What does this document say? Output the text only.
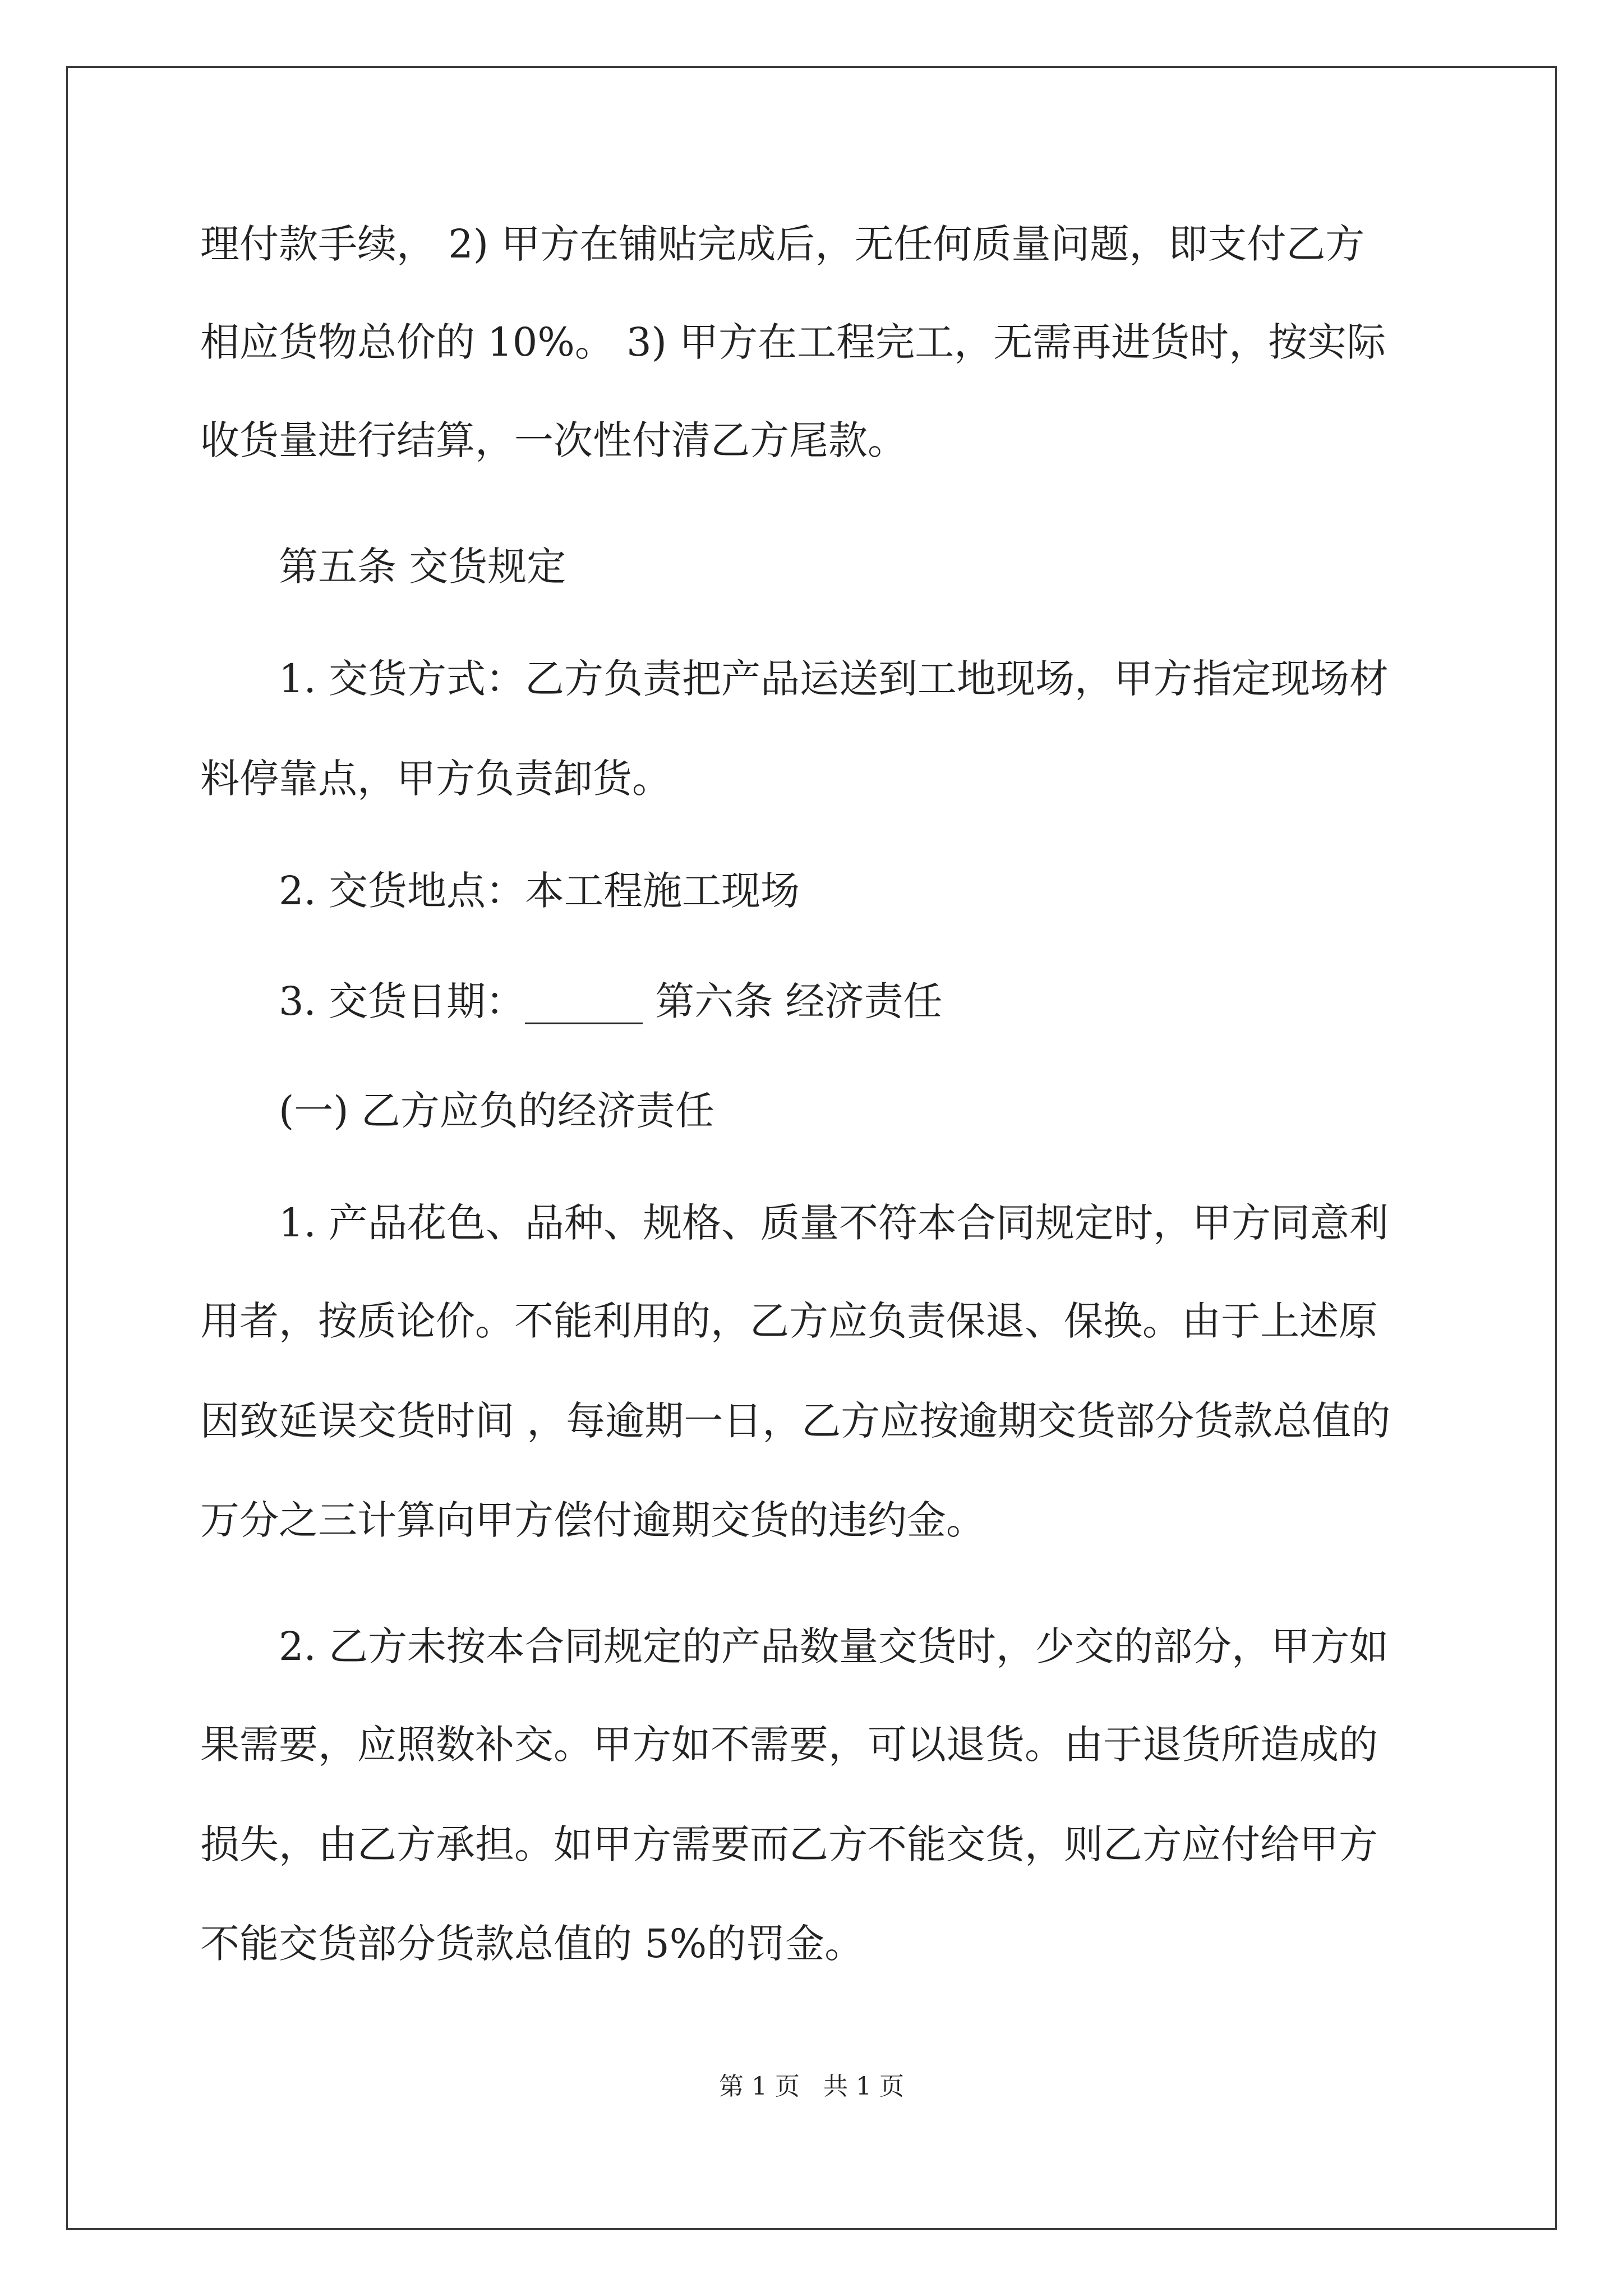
理付款手续， 2) 甲方在铺贴完成后，无任何质量问题，即支付乙方
相应货物总价的 10%。 3) 甲方在工程完工，无需再进货时，按实际
收货量进行结算，一次性付清乙方尾款。
第五条 交货规定
1. 交货方式：乙方负责把产品运送到工地现场，甲方指定现场材
料停靠点，甲方负责卸货。
2. 交货地点：本工程施工现场
3. 交货日期：______ 第六条 经济责任
(一) 乙方应负的经济责任
1. 产品花色、品种、规格、质量不符本合同规定时，甲方同意利
用者，按质论价。不能利用的，乙方应负责保退、保换。由于上述原
因致延误交货时间 ，每逾期一日，乙方应按逾期交货部分货款总值的
万分之三计算向甲方偿付逾期交货的违约金。
2. 乙方未按本合同规定的产品数量交货时，少交的部分，甲方如
果需要，应照数补交。甲方如不需要，可以退货。由于退货所造成的
损失，由乙方承担。如甲方需要而乙方不能交货，则乙方应付给甲方
不能交货部分货款总值的 5%的罚金。
第 1 页   共 1 页
